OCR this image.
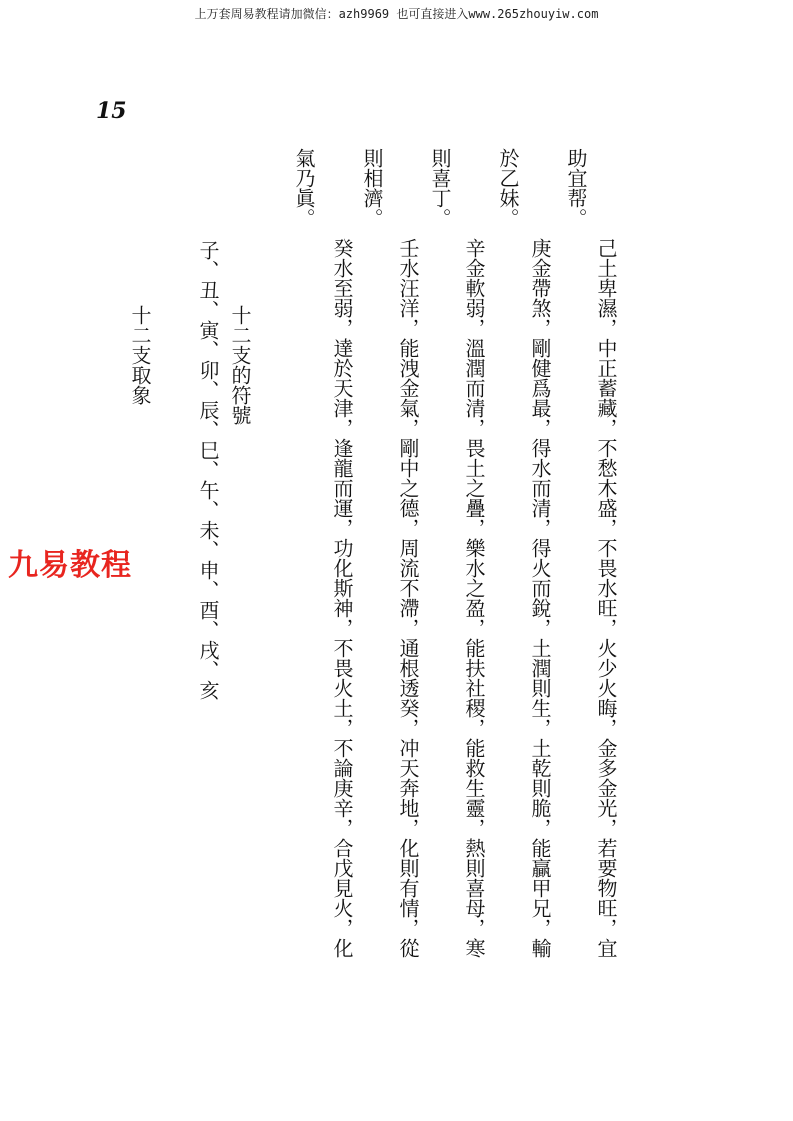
上万套周易教程请加微信：azh9969 也可直接进入www.265zhouyiw.com
15
助宜帮。
己土卑濕，中正蓄藏，不愁木盛，不畏水旺，火少火晦，金多金光，若要物旺，宜
於乙妹。
庚金帶煞，剛健爲最，得水而清，得火而銳，土潤則生，土乾則脆，能贏甲兄，輸
則喜丁。
辛金軟弱，溫潤而清，畏土之疊，樂水之盈，能扶社稷，能救生靈，熱則喜母，寒
則相濟。
壬水汪洋，能洩金氣，剛中之德，周流不滯，通根透癸，冲天奔地，化則有情，從
氣乃眞。
癸水至弱，達於天津，逢龍而運，功化斯神，不畏火土，不論庚辛，合戊見火，化
十二支的符號
子、丑、寅、卯、辰、巳、午、未、申、酉、戌、亥
十二支取象
九易教程
